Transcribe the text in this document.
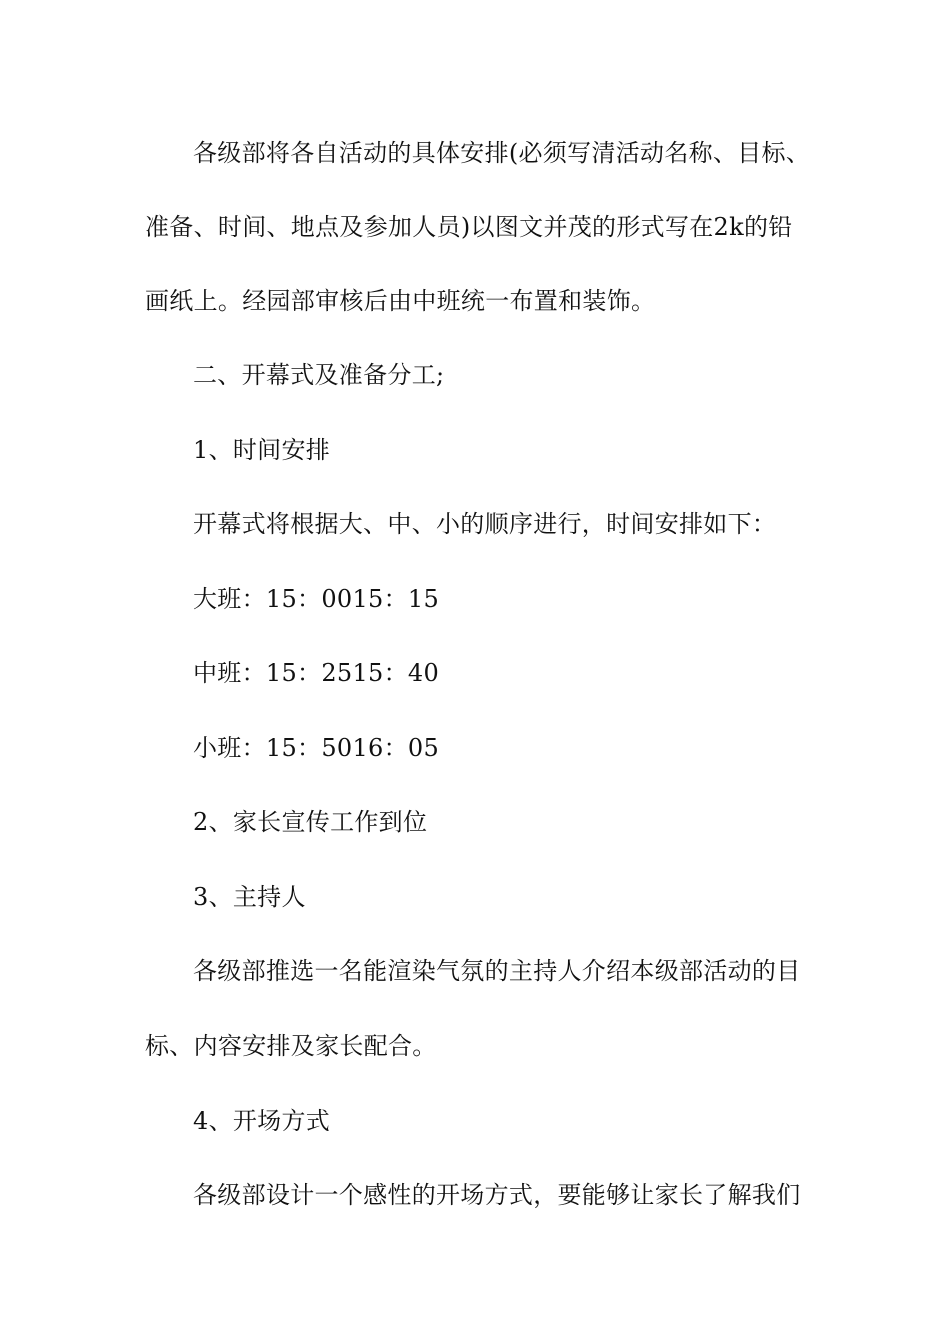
各级部将各自活动的具体安排(必须写清活动名称、目标、
准备、时间、地点及参加人员)以图文并茂的形式写在2k的铅
画纸上。经园部审核后由中班统一布置和装饰。
二、开幕式及准备分工;
1、时间安排
开幕式将根据大、中、小的顺序进行，时间安排如下：
大班：15：0015：15
中班：15：2515：40
小班：15：5016：05
2、家长宣传工作到位
3、主持人
各级部推选一名能渲染气氛的主持人介绍本级部活动的目
标、内容安排及家长配合。
4、开场方式
各级部设计一个感性的开场方式，要能够让家长了解我们
